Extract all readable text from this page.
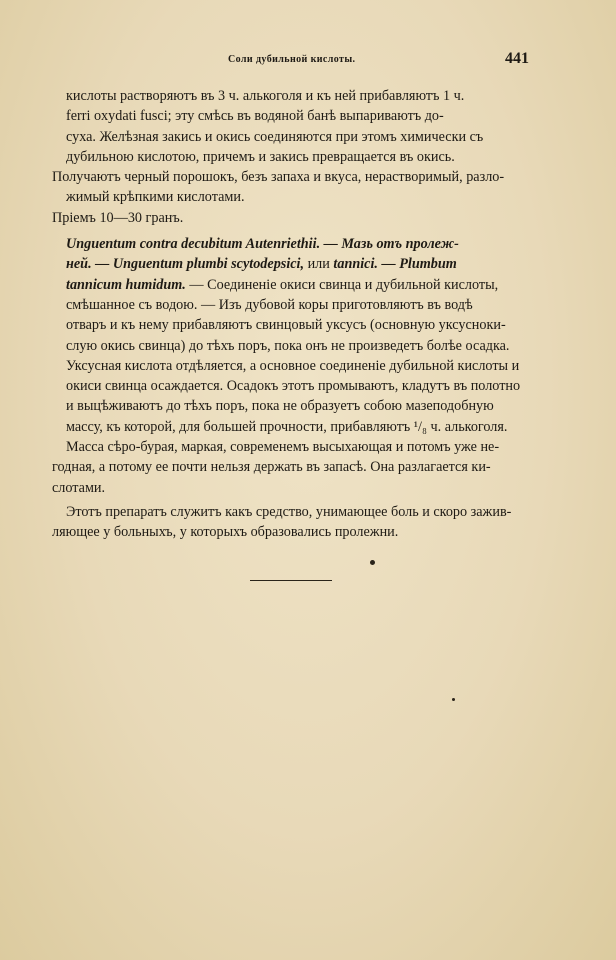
Соли дубильной кислоты.	441
кислоты растворяютъ въ 3 ч. алькоголя и къ ней прибавляютъ 1 ч.
ferri oxydati fusci; эту смѣсь въ водяной банѣ выпариваютъ до-
суха. Желѣзная закись и окись соединяются при этомъ химически съ
дубильною кислотою, причемъ и закись превращается въ окись.
Получаютъ черный порошокъ, безъ запаха и вкуса, нерастворимый, разло-
жимый крѣпкими кислотами.
Пріемъ 10—30 гранъ.
Unguentum contra decubitum Autenriethii. — Мазь отъ пролеж-
ней. — Unguentum plumbi scytodepsici, или tannici. — Plumbum
tannicum humidum. — Соединеніе окиси свинца и дубильной кислоты,
смѣшанное съ водою. — Изъ дубовой коры приготовляютъ въ водѣ
отваръ и къ нему прибавляютъ свинцовый уксусъ (основную уксусноки-
слую окись свинца) до тѣхъ поръ, пока онъ не произведетъ болѣе осадка.
Уксусная кислота отдѣляется, а основное соединеніе дубильной кислоты и
окиси свинца осаждается. Осадокъ этотъ промываютъ, кладутъ въ полотно
и выцѣживаютъ до тѣхъ поръ, пока не образуетъ собою мазеподобную
массу, къ которой, для большей прочности, прибавляютъ ¹/₈ ч. алькоголя.
Масса сѣро-бурая, маркая, современемъ высыхающая и потомъ уже не-
годная, а потому ее почти нельзя держать въ запасѣ. Она разлагается ки-
слотами.
Этотъ препаратъ служитъ какъ средство, унимающее боль и скоро зажив-
ляющее у больныхъ, у которыхъ образовались пролежни.
